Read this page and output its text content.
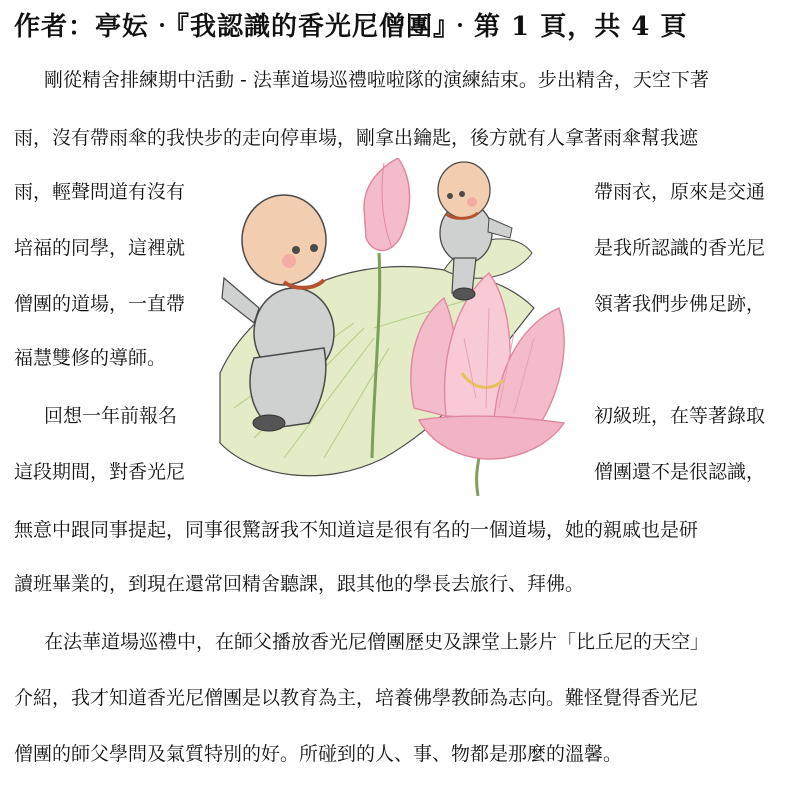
作者：亭妘‧『我認識的香光尼僧團』‧第 1 頁，共 4 頁
剛從精舍排練期中活動 - 法華道場巡禮啦啦隊的演練結束。步出精舍，天空下著
雨，沒有帶雨傘的我快步的走向停車場，剛拿出鑰匙，後方就有人拿著雨傘幫我遮
雨，輕聲問道有沒有	帶雨衣，原來是交通
培福的同學，這裡就	是我所認識的香光尼
僧團的道場，一直帶	領著我們步佛足跡，
福慧雙修的導師。
回想一年前報名	初級班，在等著錄取
這段期間，對香光尼	僧團還不是很認識，
無意中跟同事提起，同事很驚訝我不知道這是很有名的一個道場，她的親戚也是研
讀班畢業的，到現在還常回精舍聽課，跟其他的學長去旅行、拜佛。
在法華道場巡禮中，在師父播放香光尼僧團歷史及課堂上影片「比丘尼的天空」
介紹，我才知道香光尼僧團是以教育為主，培養佛學教師為志向。難怪覺得香光尼
僧團的師父學問及氣質特別的好。所碰到的人、事、物都是那麼的溫馨。
